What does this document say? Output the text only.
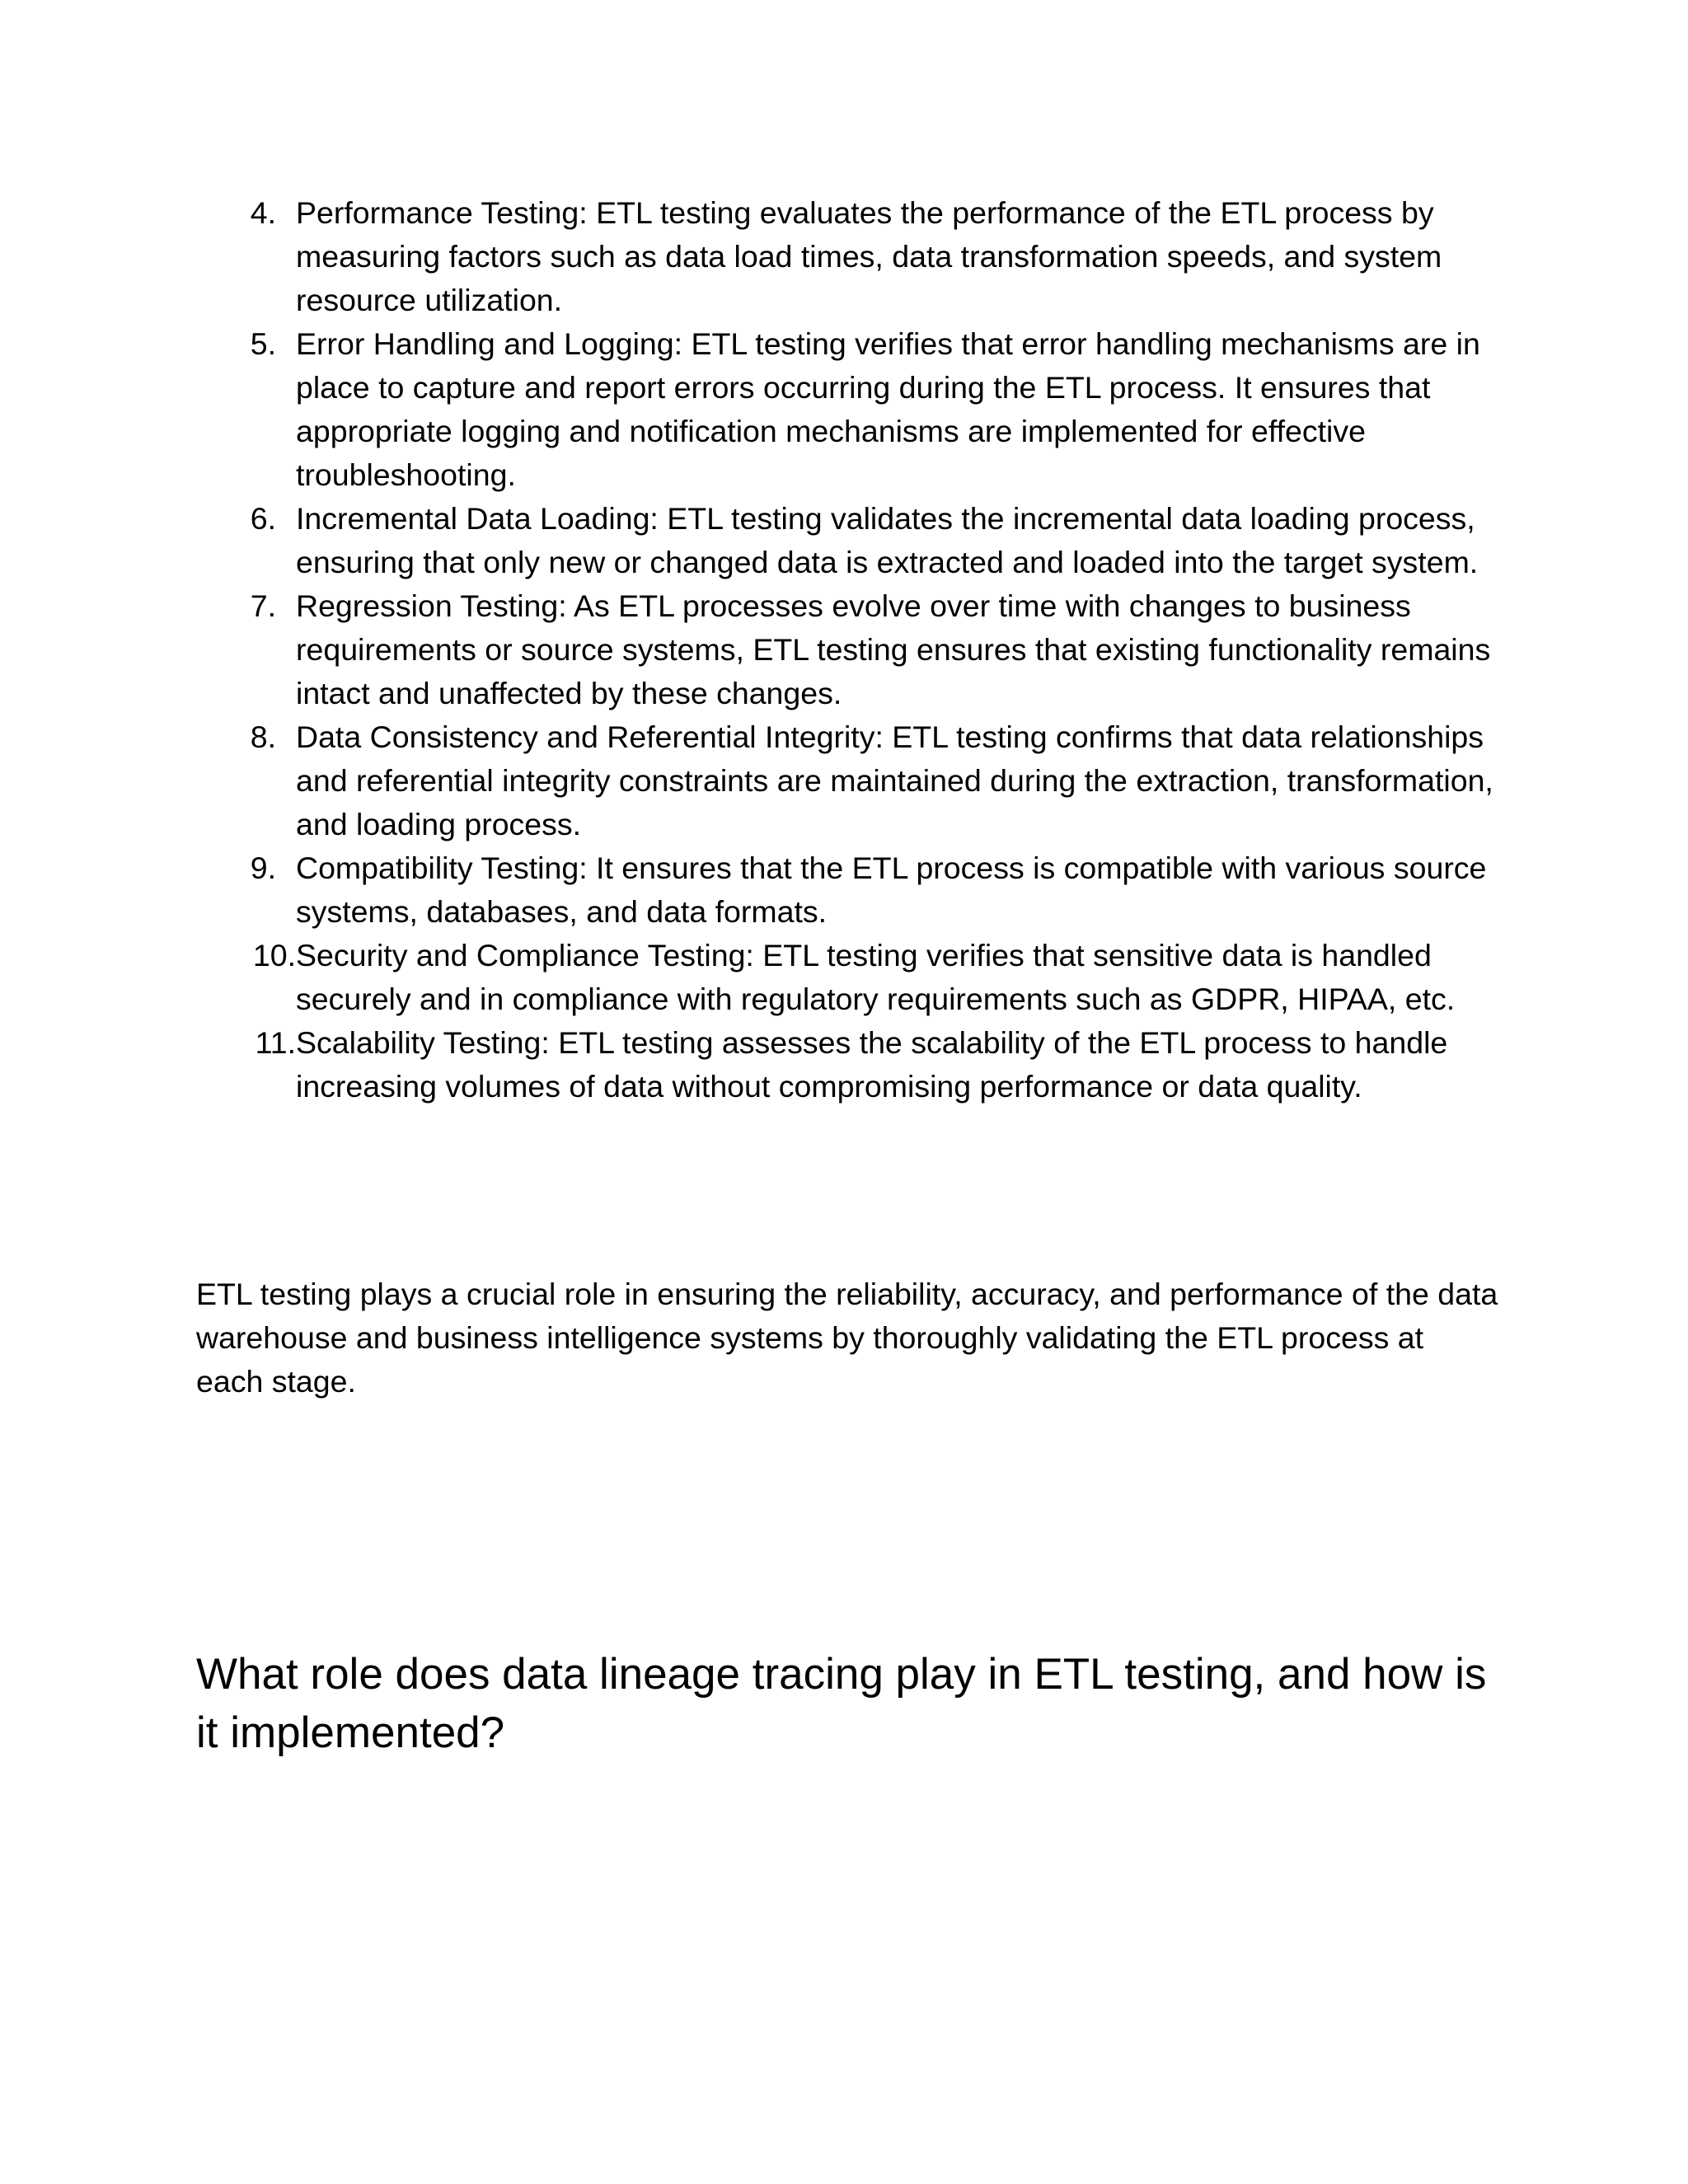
4. Performance Testing: ETL testing evaluates the performance of the ETL process by measuring factors such as data load times, data transformation speeds, and system resource utilization.
5. Error Handling and Logging: ETL testing verifies that error handling mechanisms are in place to capture and report errors occurring during the ETL process. It ensures that appropriate logging and notification mechanisms are implemented for effective troubleshooting.
6. Incremental Data Loading: ETL testing validates the incremental data loading process, ensuring that only new or changed data is extracted and loaded into the target system.
7. Regression Testing: As ETL processes evolve over time with changes to business requirements or source systems, ETL testing ensures that existing functionality remains intact and unaffected by these changes.
8. Data Consistency and Referential Integrity: ETL testing confirms that data relationships and referential integrity constraints are maintained during the extraction, transformation, and loading process.
9. Compatibility Testing: It ensures that the ETL process is compatible with various source systems, databases, and data formats.
10. Security and Compliance Testing: ETL testing verifies that sensitive data is handled securely and in compliance with regulatory requirements such as GDPR, HIPAA, etc.
11. Scalability Testing: ETL testing assesses the scalability of the ETL process to handle increasing volumes of data without compromising performance or data quality.

ETL testing plays a crucial role in ensuring the reliability, accuracy, and performance of the data warehouse and business intelligence systems by thoroughly validating the ETL process at each stage.

What role does data lineage tracing play in ETL testing, and how is it implemented?
